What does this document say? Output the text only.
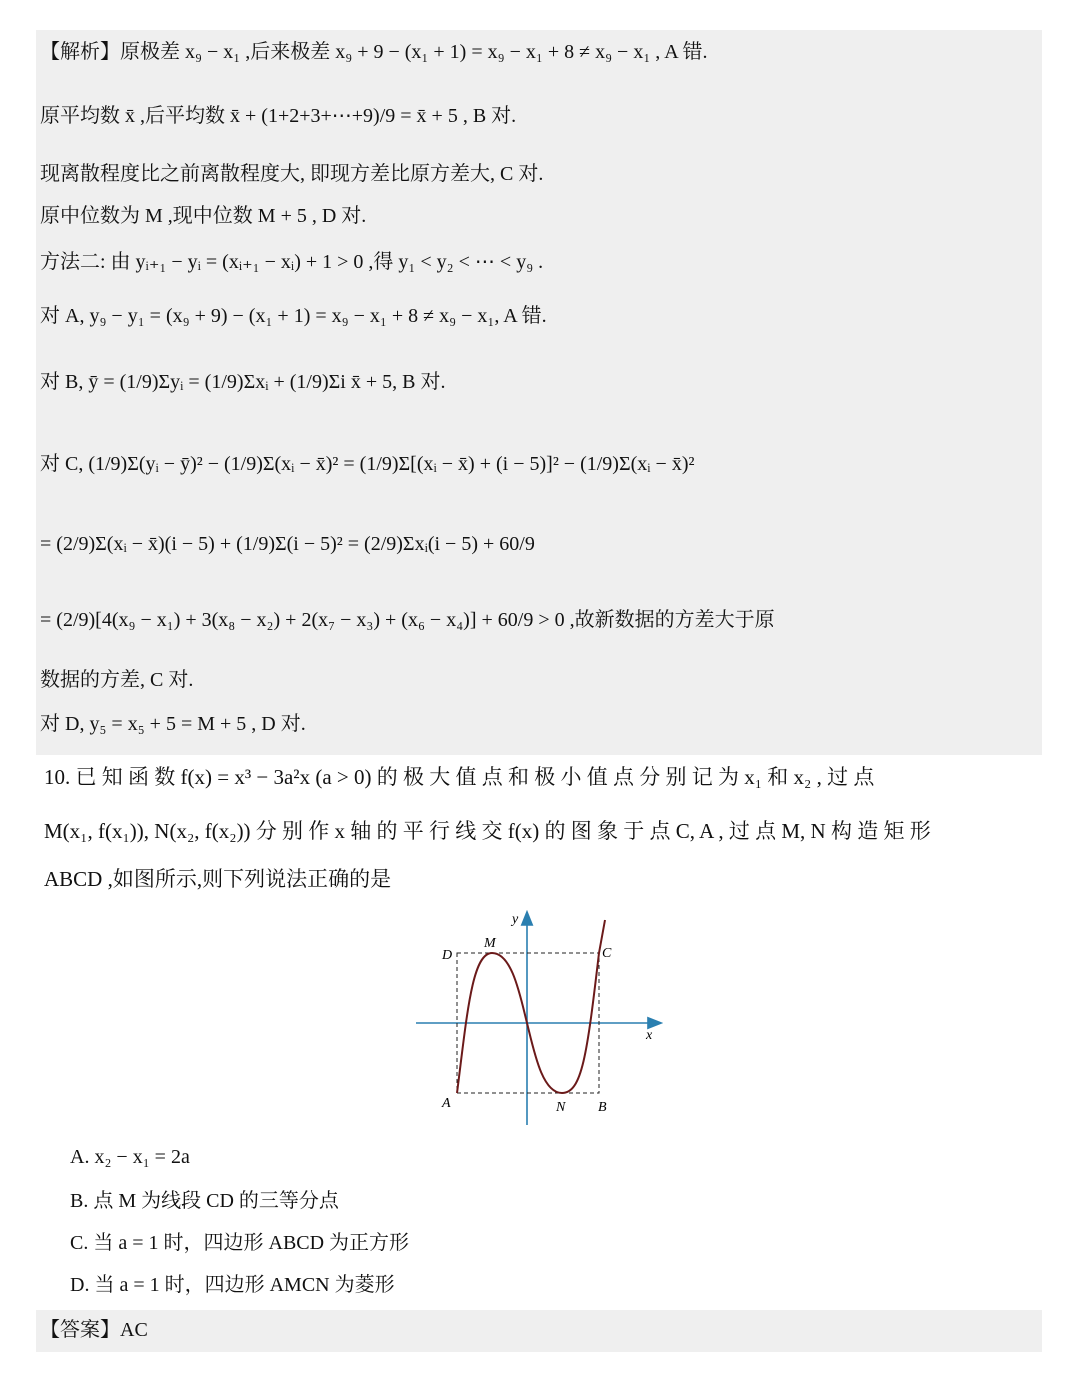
【解析】原极差 x₉ − x₁ ,后来极差 x₉ + 9 − (x₁ + 1) = x₉ − x₁ + 8 ≠ x₉ − x₁ , A 错.
原平均数 x̄ ,后平均数 x̄ + (1+2+3+⋯+9)/9 = x̄ + 5 , B 对.
现离散程度比之前离散程度大, 即现方差比原方差大, C 对.
原中位数为 M ,现中位数 M + 5 , D 对.
方法二: 由 yᵢ₊₁ − yᵢ = (xᵢ₊₁ − xᵢ) + 1 > 0 ,得 y₁ < y₂ < ⋯ < y₉ .
对 A, y₉ − y₁ = (x₉ + 9) − (x₁ + 1) = x₉ − x₁ + 8 ≠ x₉ − x₁, A 错.
对 B, ȳ = (1/9)Σyᵢ = (1/9)Σxᵢ + (1/9)Σi x̄ + 5, B 对.
对 C, (1/9)Σ(yᵢ − ȳ)² − (1/9)Σ(xᵢ − x̄)² = (1/9)Σ[(xᵢ − x̄) + (i − 5)]² − (1/9)Σ(xᵢ − x̄)²
= (2/9)Σ(xᵢ − x̄)(i − 5) + (1/9)Σ(i − 5)² = (2/9)Σxᵢ(i − 5) + 60/9
= (2/9)[4(x₉ − x₁) + 3(x₈ − x₂) + 2(x₇ − x₃) + (x₆ − x₄)] + 60/9 > 0 ,故新数据的方差大于原
数据的方差, C 对.
对 D, y₅ = x₅ + 5 = M + 5 , D 对.
10. 已 知 函 数 f(x) = x³ − 3a²x (a > 0) 的 极 大 值 点 和 极 小 值 点 分 别 记 为 x₁ 和 x₂ , 过 点
M(x₁, f(x₁)), N(x₂, f(x₂)) 分 别 作 x 轴 的 平 行 线 交 f(x) 的 图 象 于 点 C, A , 过 点 M, N 构 造 矩 形
ABCD ,如图所示,则下列说法正确的是
y
x
D
M
C
A	N B
A. x₂ − x₁ = 2a
B. 点 M 为线段 CD 的三等分点
C. 当 a = 1 时，四边形 ABCD 为正方形
D. 当 a = 1 时，四边形 AMCN 为菱形
【答案】AC
